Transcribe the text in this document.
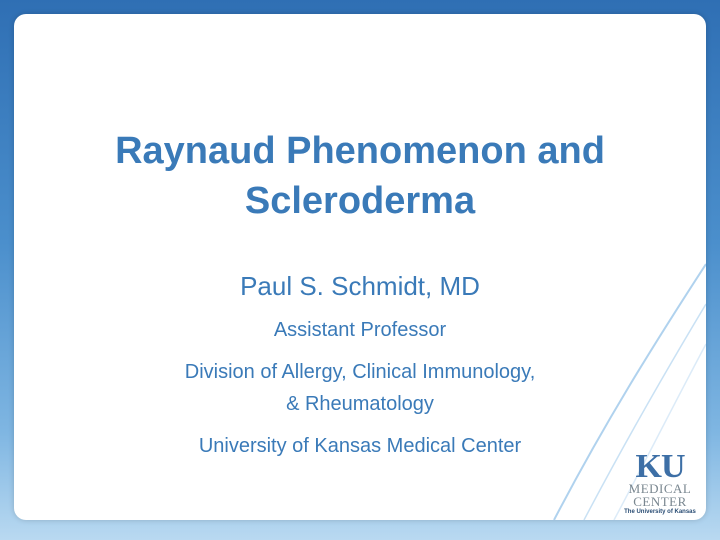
Raynaud Phenomenon and
Scleroderma
Paul S. Schmidt, MD
Assistant Professor
Division of Allergy, Clinical Immunology,
& Rheumatology
University of Kansas Medical Center
KU
MEDICAL
CENTER
The University of Kansas
